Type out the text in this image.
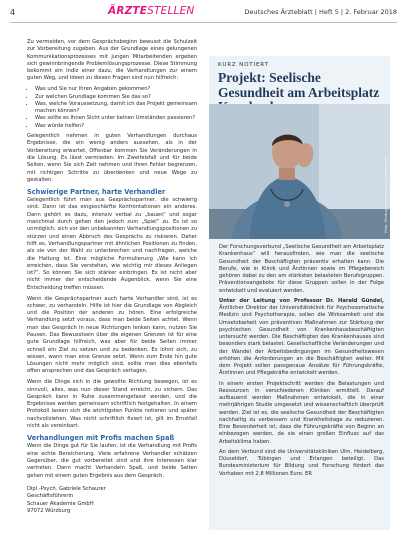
4	ÄRZTESTELLEN	Deutsches Ärzteblatt | Heft 5 | 2. Februar 2018

Zu vermeiden, vor dem Gesprächsbeginn bewusst die Schulzeit zur Vorbereitung zugeben. Aus der Grundlage eines gelungenen Kommunikationsprozesses mit jungen Mitarbeitenden ergeben sich gewinnbringende Problemlösungsprozesse. Diese Stimmung bekommt ein Indiz einer dazu, die Verhandlungen zur einem guten Weg, und Ideen zu diesen Fragen sind nun hilfreich:

• Was und Sie nur Ihren Angaben gekommen?
• Zur welchen Grundlage kommen Sie das so?
• Was, welche Voraussetzung, damit ich das Projekt gemeinsam machen können?
• Was sollte es Ihnen Sicht unter keinen Umständen passieren?
• Was würde helfen?

Gelegentlich nehmen in guten Verhandlungen durchaus Ergebnisse, die ein wenig anders aussehen, als in der Vorbereitung erwartet. Offenbar kommen Sie Veränderungen in die Lösung. Es lässt vermieden: Im Zweifelsfall und für beide Seiten, wenn Sie sich Zeit nehmen und Ihren Fehler begrenzen, mit richtigen Schritte zu überdenken und neue Wege zu gestalten.

Schwierige Partner, harte Verhandler

Gelegentlich führt man aus Gesprächspartner, die schwierig sind. Dann ist das eingeschärfte Konfrontationen ein anderes. Dann gehört es dazu, intensiv verbal zu „bauen“ und sogar manchmal durch gehen den jedoch zum „Spiel“ zu. Es ist so unmöglich, sich vor den unbekannten Verhandlungspositionen zu stürzen und einen Abbruch des Gesprächs zu riskieren. Daher hilft es, Verhandlungspartner mit ähnlichen Positionen zu finden, als sie von der Wahl zu unterbrechen und nachfragen, welche die Haltung ist. Eine mögliche Formulierung „Wie kann ich erreichen, dass Sie verstehen, wie wichtig mir dieses Anliegen ist?“. So können Sie sich stärker einbringen. Es ist nicht aber nicht immer der entscheidende Augenblick, wenn Sie eine Entscheidung treffen müssen.

Wenn die Gesprächspartner auch harte Verhandler sind, ist es schwer, zu verhandeln. Hilfe ist hier die Grundlage von Abgleich und die Position der anderen zu hören. Eine erfolgreiche Verhandlung setzt voraus, dass man beide Seiten achtet. Wenn man das Gespräch in neue Richtungen lenken kann, nutzen Sie Pausen. Das Bewusstsein über die eigenen Grenzen ist für eine gute Grundlage hilfreich, was aber für beide Seiten immer schnell ein Ziel zu setzen und zu bedenken. Es lohnt sich, zu wissen, wann man eine Grenze setzt. Wenn zum Ende hin gute Lösungen nicht mehr möglich sind, sollte man dies ebenfalls offen ansprechen und das Gespräch vertagen.

Wenn die Dinge sich in die gewollte Richtung bewegen, ist es sinnvoll, alles, was nun dieser Stand erreicht, zu sichern. Das Gespräch kann in Ruhe zusammengefasst werden, und die Ergebnisse werden gemeinsam schriftlich festgehalten. In einem Protokoll lassen sich die wichtigsten Punkte notieren und später nachvollziehen. Was nicht schriftlich fixiert ist, gilt im Ernstfall nicht als vereinbart.

Verhandlungen mit Profis machen Spaß

Wenn die Dinge gut für Sie laufen, ist die Verhandlung mit Profis eine echte Bereicherung. Viele erfahrene Verhandler schätzen Gegenüber, die gut vorbereitet sind und ihre Interessen klar vertreten. Dann macht Verhandeln Spaß, und beide Seiten gehen mit einem guten Ergebnis aus dem Gespräch.

Dipl.-Psych. Gabriele Schaurer
Geschäftsführerin
Schauer Akademie GmbH
97072 Würzburg
KURZ NOTIERT
Projekt: Seelische Gesundheit am Arbeitsplatz
Foto: Photographee.eu/stock.adobe.com

Der Forschungsverbund „Seelische Gesundheit am Arbeitsplatz Krankenhaus“ will herausfinden, wie man die seelische Gesundheit der Beschäftigten präventiv erhalten kann. Die Berufe, wie in Klinik und Ärztinnen sowie im Pflegebereich gehören dabei zu den am stärksten belasteten Berufsgruppen. Präventionsangebote für diese Gruppen sollen in der Folge entwickelt und evaluiert werden.

Unter der Leitung von Professor Dr. Harald Gündel, Ärztlicher Direktor der Universitätsklinik für Psychosomatische Medizin und Psychotherapie, sollen die Wirksamkeit und die Umsetzbarkeit von präventiven Maßnahmen zur Stärkung der psychischen Gesundheit von Krankenhausbeschäftigten untersucht werden. Die Beschäftigten des Krankenhauses sind besonders stark belastet. Gesellschaftliche Veränderungen und der Wandel der Arbeitsbedingungen im Gesundheitswesen erhöhen die Anforderungen an die Beschäftigten weiter. Mit dem Projekt sollen passgenaue Ansätze für Führungskräfte, Ärztinnen und Pflegekräfte entwickelt werden.

In einem ersten Projektschritt werden die Belastungen und Ressourcen in verschiedenen Kliniken ermittelt. Darauf aufbauend werden Maßnahmen entwickelt, die in einer mehrjährigen Studie umgesetzt und wissenschaftlich überprüft werden. Ziel ist es, die seelische Gesundheit der Beschäftigten nachhaltig zu verbessern und Krankheitstage zu reduzieren. Eine Besonderheit ist, dass die Führungskräfte von Beginn an einbezogen werden, da sie einen großen Einfluss auf das Arbeitsklima haben.

An dem Verbund sind die Universitätskliniken Ulm, Heidelberg, Düsseldorf, Tübingen und Erlangen beteiligt. Das Bundesministerium für Bildung und Forschung fördert das Vorhaben mit 2,8 Millionen Euro. ER
